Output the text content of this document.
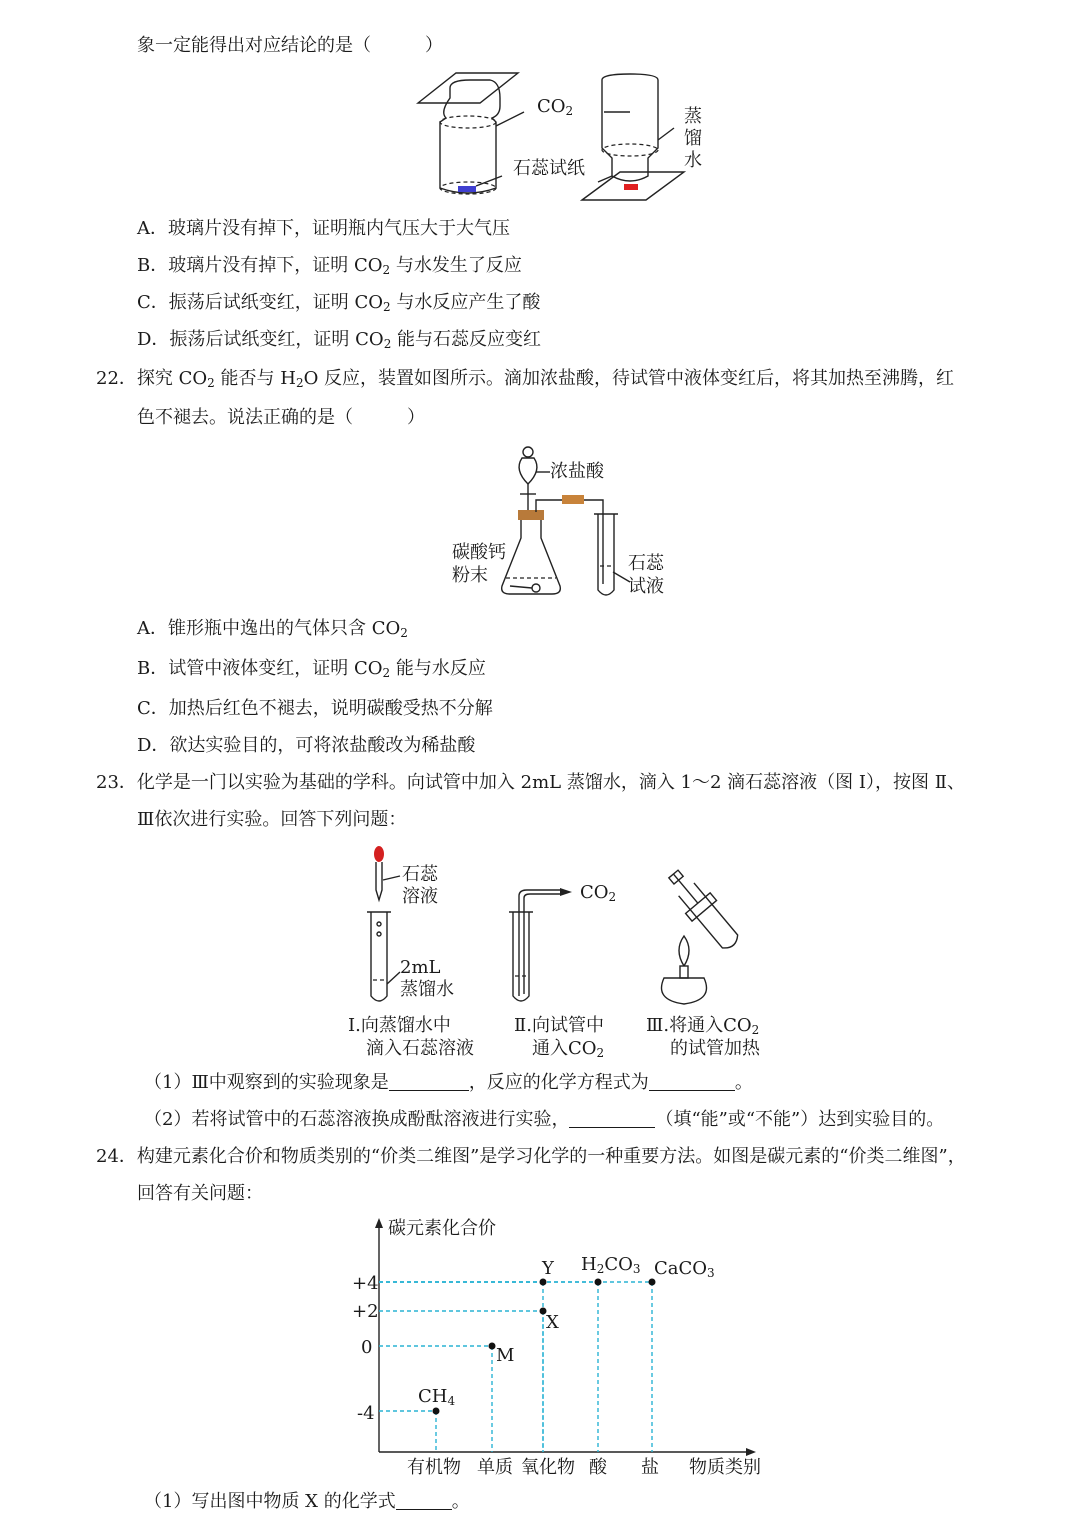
象一定能得出对应结论的是（　　　）
$CO_2$
石蕊试纸
蒸
馏
水
A．玻璃片没有掉下，证明瓶内气压大于大气压
B．玻璃片没有掉下，证明 $CO_2$ 与水发生了反应
C．振荡后试纸变红，证明 $CO_2$ 与水反应产生了酸
D．振荡后试纸变红，证明 $CO_2$ 能与石蕊反应变红
22．探究 $CO_2$ 能否与 $H_2O$ 反应，装置如图所示。滴加浓盐酸，待试管中液体变红后，将其加热至沸腾，红
色不褪去。说法正确的是（　　　）
浓盐酸
碳酸钙
粉末
石蕊
试液
A．锥形瓶中逸出的气体只含 $CO_2$
B．试管中液体变红，证明 $CO_2$ 能与水反应
C．加热后红色不褪去，说明碳酸受热不分解
D．欲达实验目的，可将浓盐酸改为稀盐酸
23．化学是一门以实验为基础的学科。向试管中加入 2mL 蒸馏水，滴入 1～2 滴石蕊溶液（图 Ⅰ），按图 Ⅱ、
Ⅲ依次进行实验。回答下列问题：
石蕊
溶液
2mL
蒸馏水
$CO_2$
Ⅰ.向蒸馏水中
滴入石蕊溶液
Ⅱ.向试管中
通入$CO_2$
Ⅲ.将通入$CO_2$
的试管加热
（1）Ⅲ中观察到的实验现象是	，反应的化学方程式为	。
（2）若将试管中的石蕊溶液换成酚酞溶液进行实验，	（填“能”或“不能”）达到实验目的。
24．构建元素化合价和物质类别的“价类二维图”是学习化学的一种重要方法。如图是碳元素的“价类二维图”，
回答有关问题：
碳元素化合价
物质类别
+4
+2
0
-4
有机物 单质 氧化物 酸 盐
$CH_4$
M
X
Y $H_2CO_3$ CaCO$_3$
（1）写出图中物质 X 的化学式	。
